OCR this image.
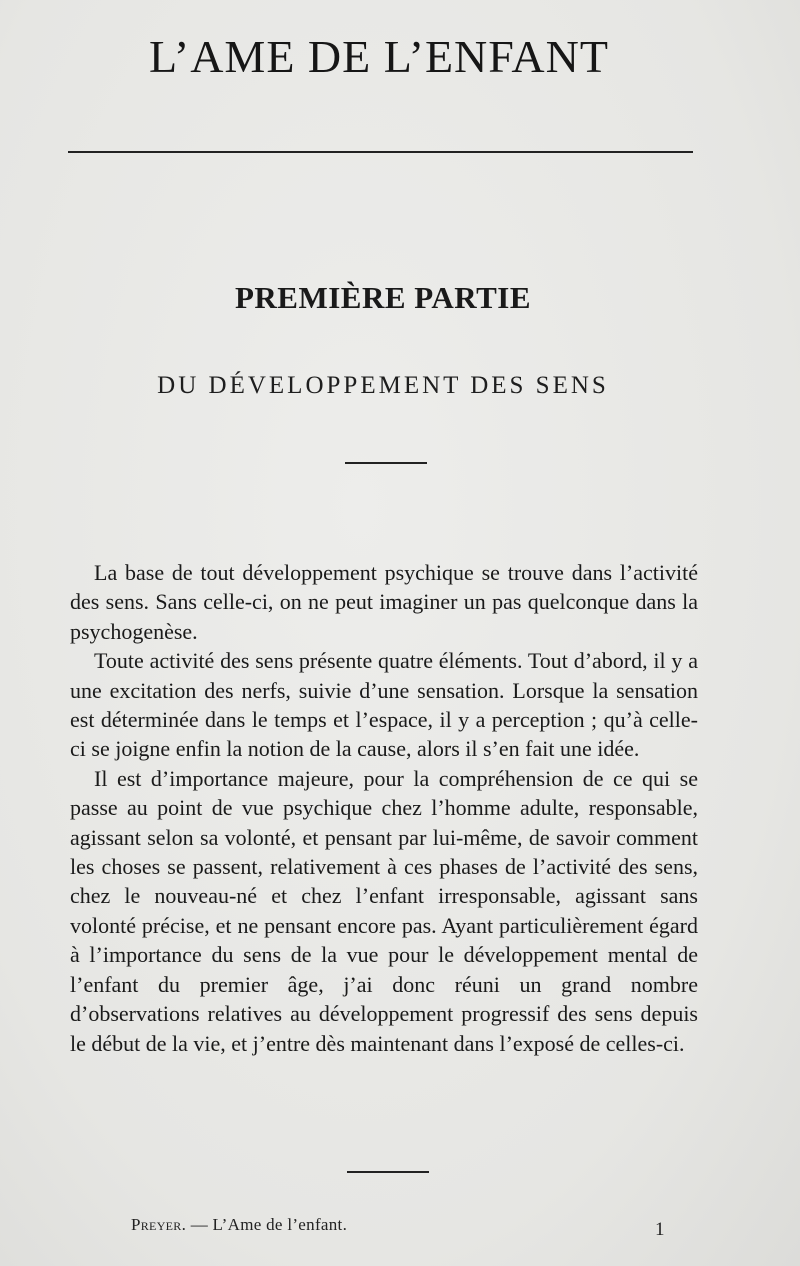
L’AME DE L’ENFANT
PREMIÈRE PARTIE
DU DÉVELOPPEMENT DES SENS

La base de tout développement psychique se trouve dans l’activité des sens. Sans celle-ci, on ne peut imaginer un pas quelconque dans la psychogenèse.

Toute activité des sens présente quatre éléments. Tout d’abord, il y a une excitation des nerfs, suivie d’une sensation. Lorsque la sensation est déterminée dans le temps et l’espace, il y a perception ; qu’à celle-ci se joigne enfin la notion de la cause, alors il s’en fait une idée.

Il est d’importance majeure, pour la compréhension de ce qui se passe au point de vue psychique chez l’homme adulte, responsable, agissant selon sa volonté, et pensant par lui-même, de savoir comment les choses se passent, relativement à ces phases de l’activité des sens, chez le nouveau-né et chez l’enfant irresponsable, agissant sans volonté précise, et ne pensant encore pas. Ayant particulièrement égard à l’importance du sens de la vue pour le développement mental de l’enfant du premier âge, j’ai donc réuni un grand nombre d’observations relatives au développement progressif des sens depuis le début de la vie, et j’entre dès maintenant dans l’exposé de celles-ci.

Preyer. — L’Ame de l’enfant.	1
